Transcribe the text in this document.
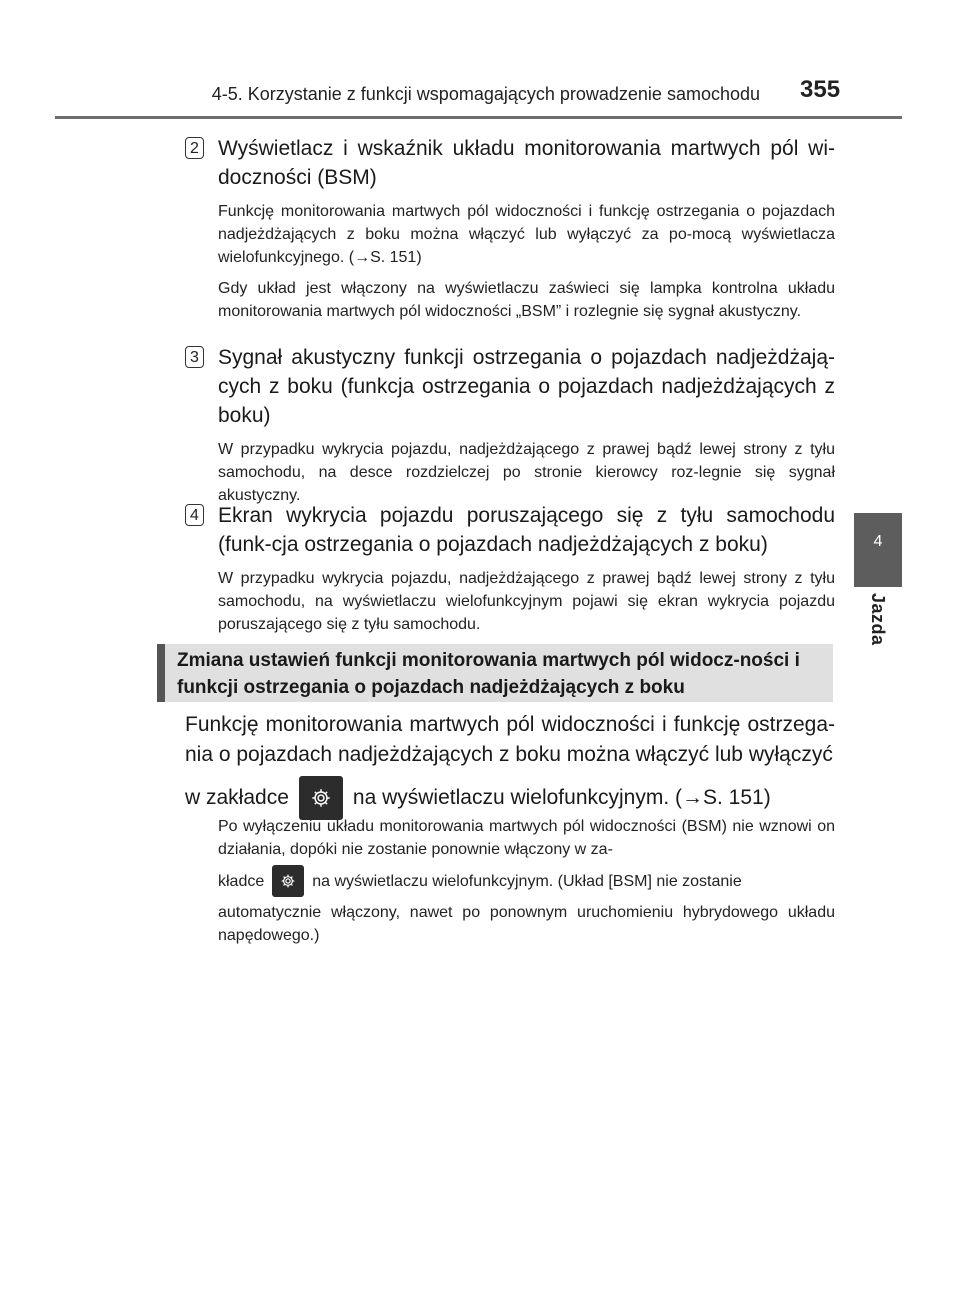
4-5. Korzystanie z funkcji wspomagających prowadzenie samochodu 355
4
Jazda
2 Wyświetlacz i wskaźnik układu monitorowania martwych pól wi-doczności (BSM)

Funkcję monitorowania martwych pól widoczności i funkcję ostrzegania o pojazdach nadjeżdżających z boku można włączyć lub wyłączyć za po-mocą wyświetlacza wielofunkcyjnego. (→S. 151)

Gdy układ jest włączony na wyświetlaczu zaświeci się lampka kontrolna układu monitorowania martwych pól widoczności „BSM” i rozlegnie się sygnał akustyczny.

3 Sygnał akustyczny funkcji ostrzegania o pojazdach nadjeżdżają-cych z boku (funkcja ostrzegania o pojazdach nadjeżdżających z boku)

W przypadku wykrycia pojazdu, nadjeżdżającego z prawej bądź lewej strony z tyłu samochodu, na desce rozdzielczej po stronie kierowcy roz-legnie się sygnał akustyczny.

4 Ekran wykrycia pojazdu poruszającego się z tyłu samochodu (funk-cja ostrzegania o pojazdach nadjeżdżających z boku)

W przypadku wykrycia pojazdu, nadjeżdżającego z prawej bądź lewej strony z tyłu samochodu, na wyświetlaczu wielofunkcyjnym pojawi się ekran wykrycia pojazdu poruszającego się z tyłu samochodu.

Zmiana ustawień funkcji monitorowania martwych pól widocz-ności i funkcji ostrzegania o pojazdach nadjeżdżających z boku
Funkcję monitorowania martwych pól widoczności i funkcję ostrzega-nia o pojazdach nadjeżdżających z boku można włączyć lub wyłączyć
w zakładce	na wyświetlaczu wielofunkcyjnym. (→S. 151)
Po wyłączeniu układu monitorowania martwych pól widoczności (BSM) nie wznowi on działania, dopóki nie zostanie ponownie włączony w za-
kładce	na wyświetlaczu wielofunkcyjnym. (Układ [BSM] nie zostanie
automatycznie włączony, nawet po ponownym uruchomieniu hybrydowego układu napędowego.)
